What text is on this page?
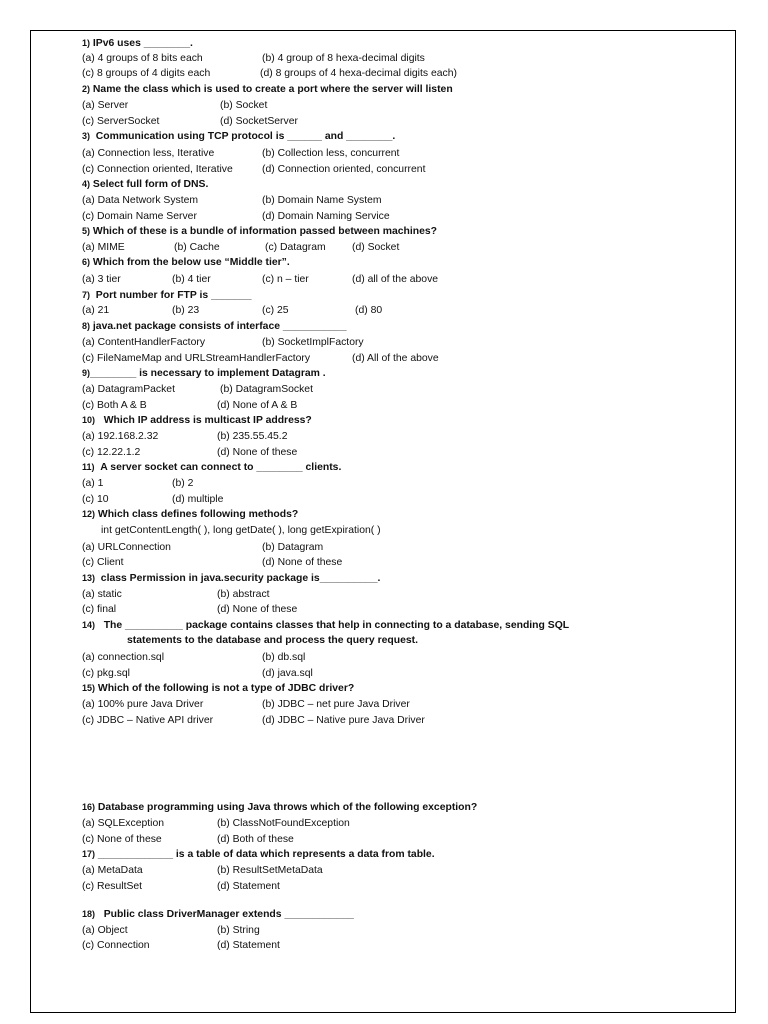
1) IPv6 uses ________.
(a) 4 groups of 8 bits each	(b) 4 group of 8 hexa-decimal digits
(c) 8 groups of 4 digits each	(d) 8 groups of 4 hexa-decimal digits each)
2) Name the class which is used to create a port where the server will listen
(a) Server	(b) Socket
(c) ServerSocket	(d) SocketServer
3) Communication using TCP protocol is ______ and ________.
(a) Connection less, Iterative	(b) Collection less, concurrent
(c) Connection oriented, Iterative	(d) Connection oriented, concurrent
4) Select full form of DNS.
(a) Data Network System	(b) Domain Name System
(c) Domain Name Server	(d) Domain Naming Service
5) Which of these is a bundle of information passed between machines?
(a) MIME	(b) Cache	(c) Datagram	(d) Socket
6) Which from the below use “Middle tier”.
(a) 3 tier	(b) 4 tier	(c) n – tier	(d) all of the above
7) Port number for FTP is _______
(a) 21	(b) 23	(c) 25	(d) 80
8) java.net package consists of interface ___________
(a) ContentHandlerFactory	(b) SocketImplFactory
(c) FileNameMap and URLStreamHandlerFactory	(d) All of the above
9)________ is necessary to implement Datagram .
(a) DatagramPacket	(b) DatagramSocket
(c) Both A & B	(d) None of A & B
10) Which IP address is multicast IP address?
(a) 192.168.2.32	(b) 235.55.45.2
(c) 12.22.1.2	(d) None of these
11) A server socket can connect to ________ clients.
(a) 1	(b) 2
(c) 10	(d) multiple
12) Which class defines following methods?
int getContentLength( ), long getDate( ), long getExpiration( )
(a) URLConnection	(b) Datagram
(c) Client	(d) None of these
13) class Permission in java.security package is__________.
(a) static	(b) abstract
(c) final	(d) None of these
14) The __________ package contains classes that help in connecting to a database, sending SQL
statements to the database and process the query request.
(a) connection.sql	(b) db.sql
(c) pkg.sql	(d) java.sql
15) Which of the following is not a type of JDBC driver?
(a) 100% pure Java Driver	(b) JDBC – net pure Java Driver
(c) JDBC – Native API driver	(d) JDBC – Native pure Java Driver
16) Database programming using Java throws which of the following exception?
(a) SQLException	(b) ClassNotFoundException
(c) None of these	(d) Both of these
17) _____________ is a table of data which represents a data from table.
(a) MetaData	(b) ResultSetMetaData
(c) ResultSet	(d) Statement
18) Public class DriverManager extends ____________
(a) Object	(b) String
(c) Connection	(d) Statement
